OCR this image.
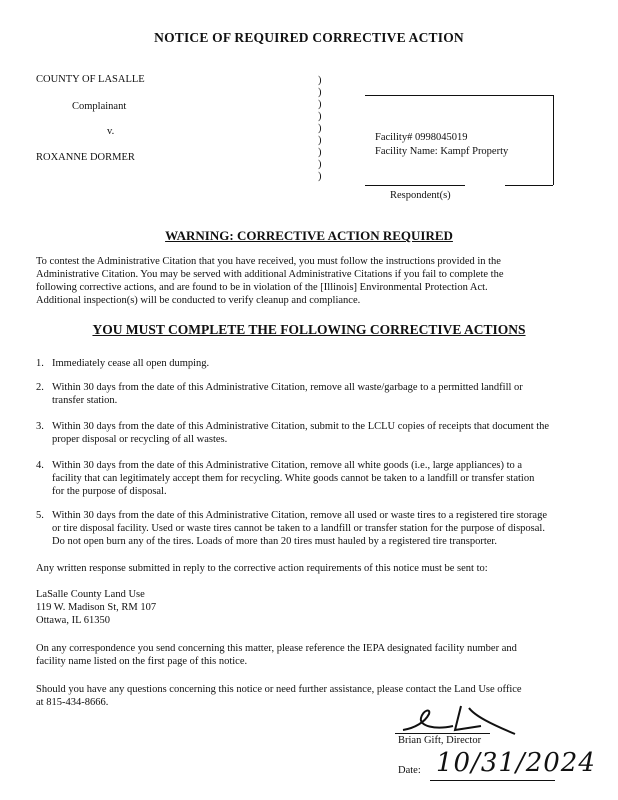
NOTICE OF REQUIRED CORRECTIVE ACTION
COUNTY OF LASALLE
Complainant
v.
ROXANNE DORMER
)
)
)
)
)
)
)
)
)
Facility# 0998045019
Facility Name: Kampf Property
Respondent(s)
WARNING: CORRECTIVE ACTION REQUIRED
To contest the Administrative Citation that you have received, you must follow the instructions provided in the
Administrative Citation. You may be served with additional Administrative Citations if you fail to complete the
following corrective actions, and are found to be in violation of the [Illinois] Environmental Protection Act.
Additional inspection(s) will be conducted to verify cleanup and compliance.
YOU MUST COMPLETE THE FOLLOWING CORRECTIVE ACTIONS
1. Immediately cease all open dumping.
2. Within 30 days from the date of this Administrative Citation, remove all waste/garbage to a permitted landfill or
transfer station.
3. Within 30 days from the date of this Administrative Citation, submit to the LCLU copies of receipts that document the
proper disposal or recycling of all wastes.
4. Within 30 days from the date of this Administrative Citation, remove all white goods (i.e., large appliances) to a
facility that can legitimately accept them for recycling. White goods cannot be taken to a landfill or transfer station
for the purpose of disposal.
5. Within 30 days from the date of this Administrative Citation, remove all used or waste tires to a registered tire storage
or tire disposal facility. Used or waste tires cannot be taken to a landfill or transfer station for the purpose of disposal.
Do not open burn any of the tires. Loads of more than 20 tires must hauled by a registered tire transporter.
Any written response submitted in reply to the corrective action requirements of this notice must be sent to:
LaSalle County Land Use
119 W. Madison St, RM 107
Ottawa, IL 61350
On any correspondence you send concerning this matter, please reference the IEPA designated facility number and
facility name listed on the first page of this notice.
Should you have any questions concerning this notice or need further assistance, please contact the Land Use office
at 815-434-8666.
Brian Gift, Director
Date: 10/31/2024
